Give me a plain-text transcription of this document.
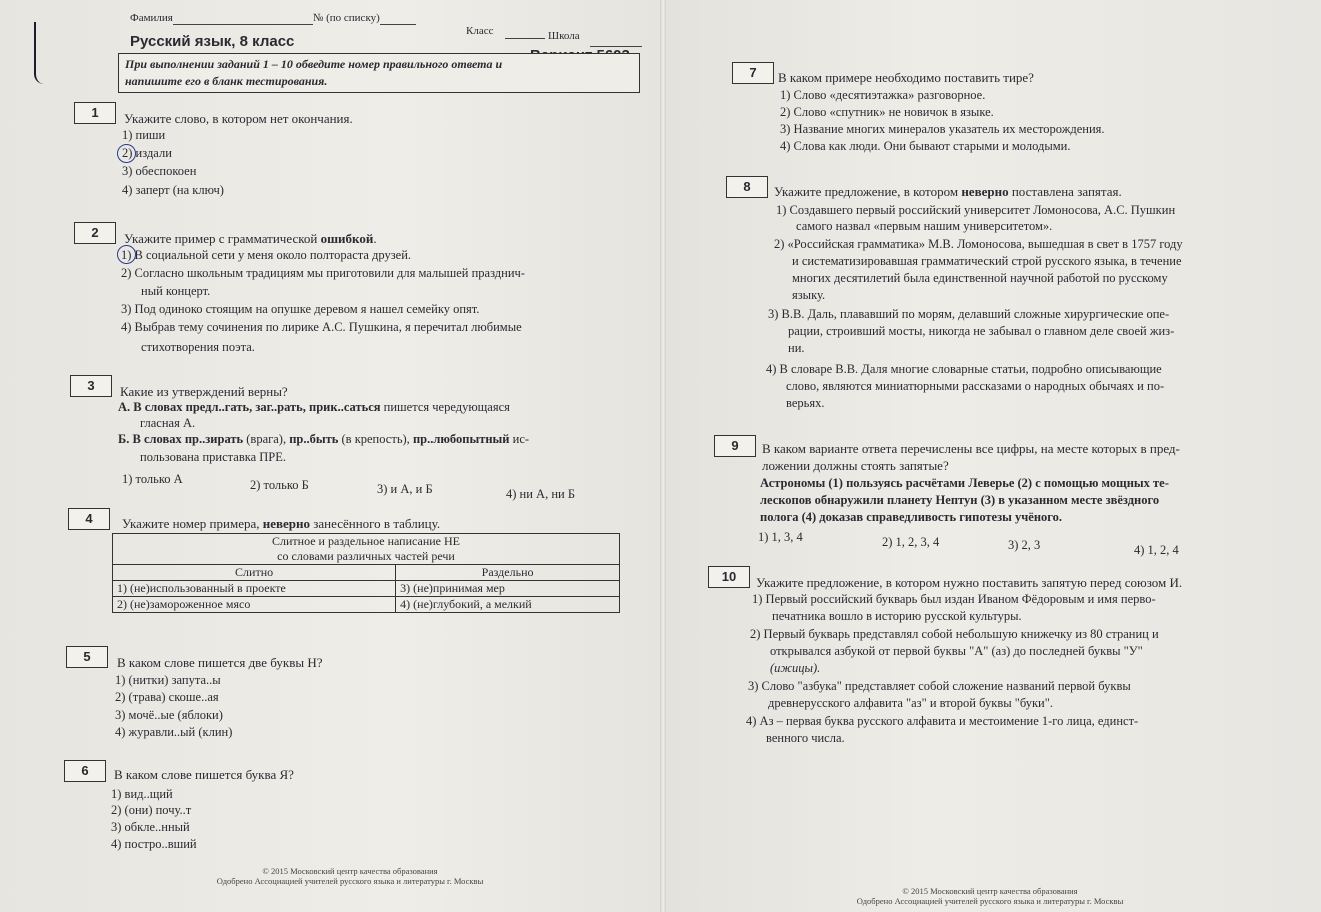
Фамилия	№ (по списку)
Класс	Школа
Русский язык, 8 класс
При выполнении заданий 1 – 10 обведите номер правильного ответа и
напишите его в бланк тестирования.
1	Укажите слово, в котором нет окончания.
1) пиши
2) издали
3) обеспокоен
4) заперт (на ключ)
2	Укажите пример с грамматической ошибкой.
1) В социальной сети у меня около полтораста друзей.
2) Согласно школьным традициям мы приготовили для малышей празднич-
ный концерт.
3) Под одиноко стоящим на опушке деревом я нашел семейку опят.
4) Выбрав тему сочинения по лирике А.С. Пушкина, я перечитал любимые
стихотворения поэта.
3	Какие из утверждений верны?
А. В словах предл..гать, заг..рать, прик..саться пишется чередующаяся
гласная А.
Б. В словах пр..зирать (врага), пр..быть (в крепость), пр..любопытный ис-
пользована приставка ПРЕ.
1) только А	2) только Б	3) и А, и Б	4) ни А, ни Б
4	Укажите номер примера, неверно занесённого в таблицу.
Слитное и раздельное написание НЕ
со словами различных частей речи	

Слитно	Раздельно
1) (не)использованный в проекте	3) (не)принимая мер
2) (не)замороженное мясо	4) (не)глубокий, а мелкий
5	В каком слове пишется две буквы Н?
1) (нитки) запута..ы
2) (трава) скоше..ая
3) мочё..ые (яблоки)
4) журавли..ый (клин)
6	В каком слове пишется буква Я?
1) вид..щий
2) (они) почу..т
3) обкле..нный
4) постро..вший
© 2015 Московский центр качества образования
Одобрено Ассоциацией учителей русского языка и литературы г. Москвы
7	В каком примере необходимо поставить тире?
1) Слово «десятиэтажка» разговорное.
2) Слово «спутник» не новичок в языке.
3) Название многих минералов указатель их месторождения.
4) Слова как люди. Они бывают старыми и молодыми.
8	Укажите предложение, в котором неверно поставлена запятая.
1) Создавшего первый российский университет Ломоносова, А.С. Пушкин
самого назвал «первым нашим университетом».
2) «Российская грамматика» М.В. Ломоносова, вышедшая в свет в 1757 году
и систематизировавшая грамматический строй русского языка, в течение
многих десятилетий была единственной научной работой по русскому
языку.
3) В.В. Даль, плававший по морям, делавший сложные хирургические опе-
рации, строивший мосты, никогда не забывал о главном деле своей жиз-
ни.
4) В словаре В.В. Даля многие словарные статьи, подробно описывающие
слово, являются миниатюрными рассказами о народных обычаях и по-
верьях.
9	В каком варианте ответа перечислены все цифры, на месте которых в пред-
ложении должны стоять запятые?
Астрономы (1) пользуясь расчётами Леверье (2) с помощью мощных те-
лескопов обнаружили планету Нептун (3) в указанном месте звёздного
полога (4) доказав справедливость гипотезы учёного.
1) 1, 3, 4	2) 1, 2, 3, 4	3) 2, 3	4) 1, 2, 4
10	Укажите предложение, в котором нужно поставить запятую перед союзом И.
1) Первый российский букварь был издан Иваном Фёдоровым и имя перво-
печатника вошло в историю русской культуры.
2) Первый букварь представлял собой небольшую книжечку из 80 страниц и
открывался азбукой от первой буквы "А" (аз) до последней буквы "У"
(ижицы).
3) Слово "азбука" представляет собой сложение названий первой буквы
древнерусского алфавита "аз" и второй буквы "буки".
4) Аз – первая буква русского алфавита и местоимение 1-го лица, единст-
венного числа.
© 2015 Московский центр качества образования
Одобрено Ассоциацией учителей русского языка и литературы г. Москвы
